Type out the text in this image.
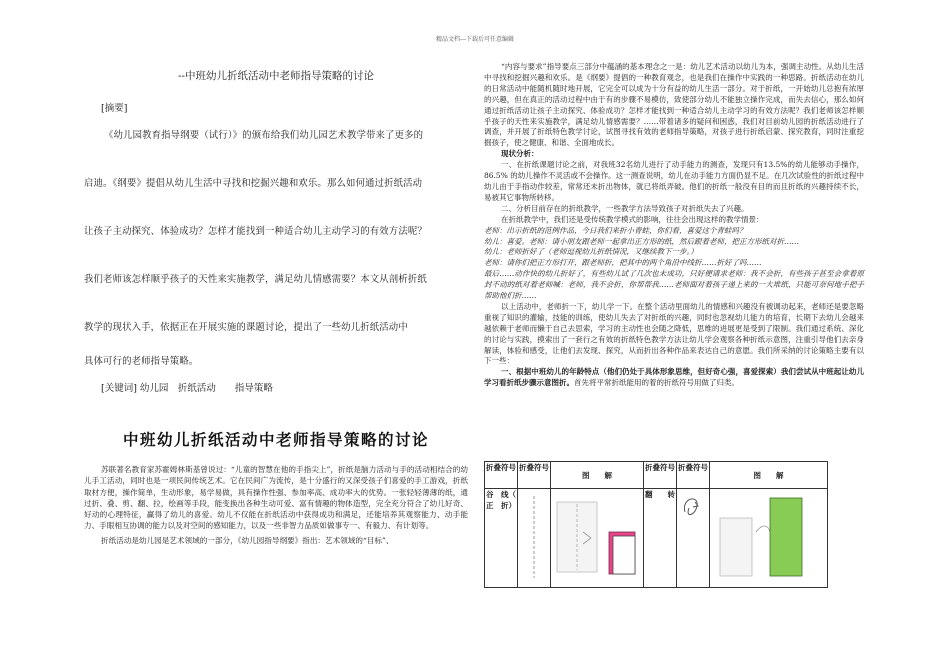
精品文档---下载后可任意编辑

--中班幼儿折纸活动中老师指导策略的讨论

[摘要]

《幼儿园教育指导纲要（试行）》的颁布给我们幼儿园艺术教学带来了更多的
启迪。《纲要》提倡从幼儿生活中寻找和挖掘兴趣和欢乐。那么如何通过折纸活动
让孩子主动探究、体验成功？怎样才能找到一种适合幼儿主动学习的有效方法呢？
我们老师该怎样顺乎孩子的天性来实施教学，满足幼儿情感需要？本文从剖析折纸
教学的现状入手，依据正在开展实施的课题讨论，提出了一些幼儿折纸活动中
具体可行的老师指导策略。

[关键词] 幼儿园　折纸活动　　指导策略

中班幼儿折纸活动中老师指导策略的讨论

苏联著名教育家苏霍姆林斯基曾说过：“儿童的智慧在他的手指尖上”，折纸是脑力活动与手的活动相结合的幼儿手工活动，同时也是一项民间传统艺术。它在民间广为流传，是十分盛行的又深受孩子们喜爱的手工游戏，折纸取材方便，操作简单，生动形象，易学易做，具有操作性强、参加率高、成功率大的优势。一张轻轻薄薄的纸，通过折、叠、剪、翻、拉，绘画等手段，能变换出各种生动可爱、富有情趣的物体造型，完全充分符合了幼儿好奇、好动的心理特征，赢得了幼儿的喜爱。幼儿不仅能在折纸活动中获得成功和满足，还能培养其观察能力、动手能力、手眼相互协调的能力以及对空间的感知能力，以及一些非智力品质如做事专一、有毅力、有计划等。

折纸活动是幼儿园是艺术领域的一部分，《幼儿园指导纲要》指出：艺术领域的“目标”、

“内容与要求”指导要点三部分中蕴涵的基本理念之一是：幼儿艺术活动以幼儿为本，强调主动性。从幼儿生活中寻找和挖掘兴趣和欢乐。是《纲要》提倡的一种教育观念，也是我们在操作中实践的一种思路。折纸活动在幼儿的日常活动中能随机随时地开展，它完全可以成为十分有益的幼儿生活一部分。对于折纸，一开始幼儿总抱有浓厚的兴趣，但在真正的活动过程中由于有的步骤不易模仿，致使部分幼儿不能独立操作完成，而失去信心，那么如何通过折纸活动让孩子主动探究、体验成功？怎样才能找到一种适合幼儿主动学习的有效方法呢？我们老师该怎样顺乎孩子的天性来实施教学，满足幼儿情感需要？……带着诸多的疑问和困惑，我们对目前幼儿园的折纸活动进行了调查，并开展了折纸特色教学讨论，试图寻找有效的老师指导策略，对孩子进行折纸启蒙、探究教育，同时注重挖掘孩子，使之健康、和谐、全面地成长。

现状分析：

一、在折纸课题讨论之前，对我班32名幼儿进行了动手能力的测查，发现只有13.5%的幼儿能够动手操作，86.5% 的幼儿操作不灵活或不会操作。这一测查说明，幼儿在动手能力方面仍显不足。在几次试验性的折纸过程中幼儿由于手指动作较差，常常还未折出物体，就已将纸弄破。他们的折纸一般没有目的而且折纸的兴趣持续不长，易被其它事物所转移。

二、分析目前存在的折纸教学，一些教学方法导致孩子对折纸失去了兴趣。

在折纸教学中，我们还是受传统教学模式的影响，往往会出现这样的教学情景：

老师：出示折纸的范例作品，今日我们来折小青蛙，你们看，喜爱这个青蛙吗？

幼儿：喜爱。老师：请小朋友跟老师一起拿出正方形的纸，然后跟着老师，把正方形纸对折……

幼儿：老师折好了（老师逗视幼儿折纸情况，又继续教下一步。）

老师：请你们把正方形打开，跟老师折，把其中的两个角沿中线折……折好了吗……

最后……动作快的幼儿折好了，有些幼儿试了几次也未成功，只好便请求老师：我不会折，有些孩子甚至会拿着原封不动的纸对着老师喊：老师，我不会折，你帮帮我……老师面对着孩子递上来的一大堆纸，只能可奈何地手把手帮助他们折……

以上活动中，老师折一下，幼儿学一下。在整个活动里面幼儿的情感和兴趣没有被调动起来，老师还是要忽略重视了知识的灌输，技能的训练，使幼儿失去了对折纸的兴趣，同时也忽视幼儿能力的培育，长期下去幼儿会越来越依赖于老师而懒于自己去思索，学习的主动性也会随之降低，思维的进展更是受到了限制。我们通过系统、深化的讨论与实践，摸索出了一套行之有效的折纸特色教学方法让幼儿学会观察各种折纸示意图，注重引导他们去亲身解读，体验和感受，让他们去发现、探究，从而折出各种作品来表达自己的意愿。我们所采纳的讨论策略主要有以下一些：

一、根据中班幼儿的年龄特点（他们仍处于具体形象思维，但好奇心强，喜爱探索）我们尝试从中班起让幼儿学习看折纸步骤示意图折。首先将平常折纸能用的着的折纸符号用做了归类。

折叠符号	折叠符号	图　　解	折叠符号	折叠符号	图　　解
谷　线（　正　折）			翻　　转	
